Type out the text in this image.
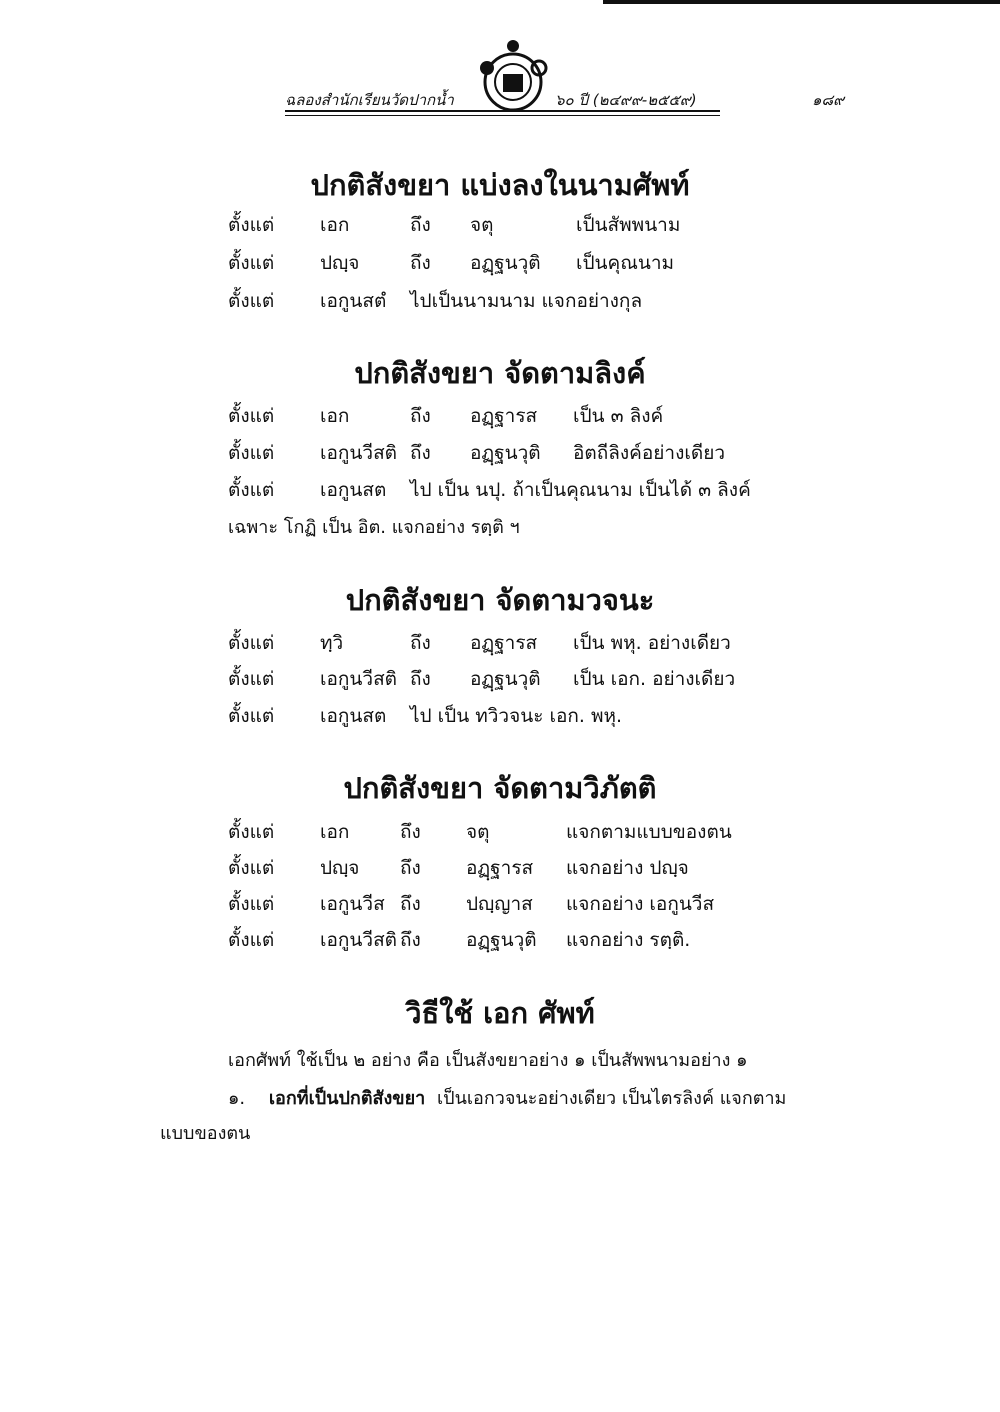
ฉลองสำนักเรียนวัดปากน้ำ	๖๐ ปี (๒๔๙๙-๒๕๕๙)	๑๘๙
ปกติสังขยา แบ่งลงในนามศัพท์
ตั้งแต่ เอก	ถึง จตุ	เป็นสัพพนาม
ตั้งแต่ ปญฺจ	ถึง อฏฺฐนวุติ เป็นคุณนาม
ตั้งแต่ เอกูนสตํ ไปเป็นนามนาม แจกอย่างกุล
ปกติสังขยา จัดตามลิงค์
ตั้งแต่ เอก	ถึง อฏฺฐารส เป็น ๓ ลิงค์
ตั้งแต่ เอกูนวีสติ ถึง อฏฺฐนวุติ อิตถีลิงค์อย่างเดียว
ตั้งแต่ เอกูนสต ไป เป็น นปุ. ถ้าเป็นคุณนาม เป็นได้ ๓ ลิงค์
เฉพาะ โกฏิ เป็น อิต. แจกอย่าง รตฺติ ฯ
ปกติสังขยา จัดตามวจนะ
ตั้งแต่ ทฺวิ	ถึง อฏฺฐารส เป็น พหุ. อย่างเดียว
ตั้งแต่ เอกูนวีสติ ถึง อฏฺฐนวุติ เป็น เอก. อย่างเดียว
ตั้งแต่ เอกูนสต ไป เป็น ทวิวจนะ เอก. พหุ.
ปกติสังขยา จัดตามวิภัตติ
ตั้งแต่ เอก	ถึง จตุ	แจกตามแบบของตน
ตั้งแต่ ปญฺจ ถึง อฏฺฐารส แจกอย่าง ปญฺจ
ตั้งแต่ เอกูนวีส ถึง ปญฺญาส แจกอย่าง เอกูนวีส
ตั้งแต่ เอกูนวีสติ ถึง อฏฺฐนวุติ แจกอย่าง รตฺติ.
วิธีใช้ เอก ศัพท์
เอกศัพท์ ใช้เป็น ๒ อย่าง คือ เป็นสังขยาอย่าง ๑ เป็นสัพพนามอย่าง ๑
๑. เอกที่เป็นปกติสังขยา เป็นเอกวจนะอย่างเดียว เป็นไตรลิงค์ แจกตาม
แบบของตน
